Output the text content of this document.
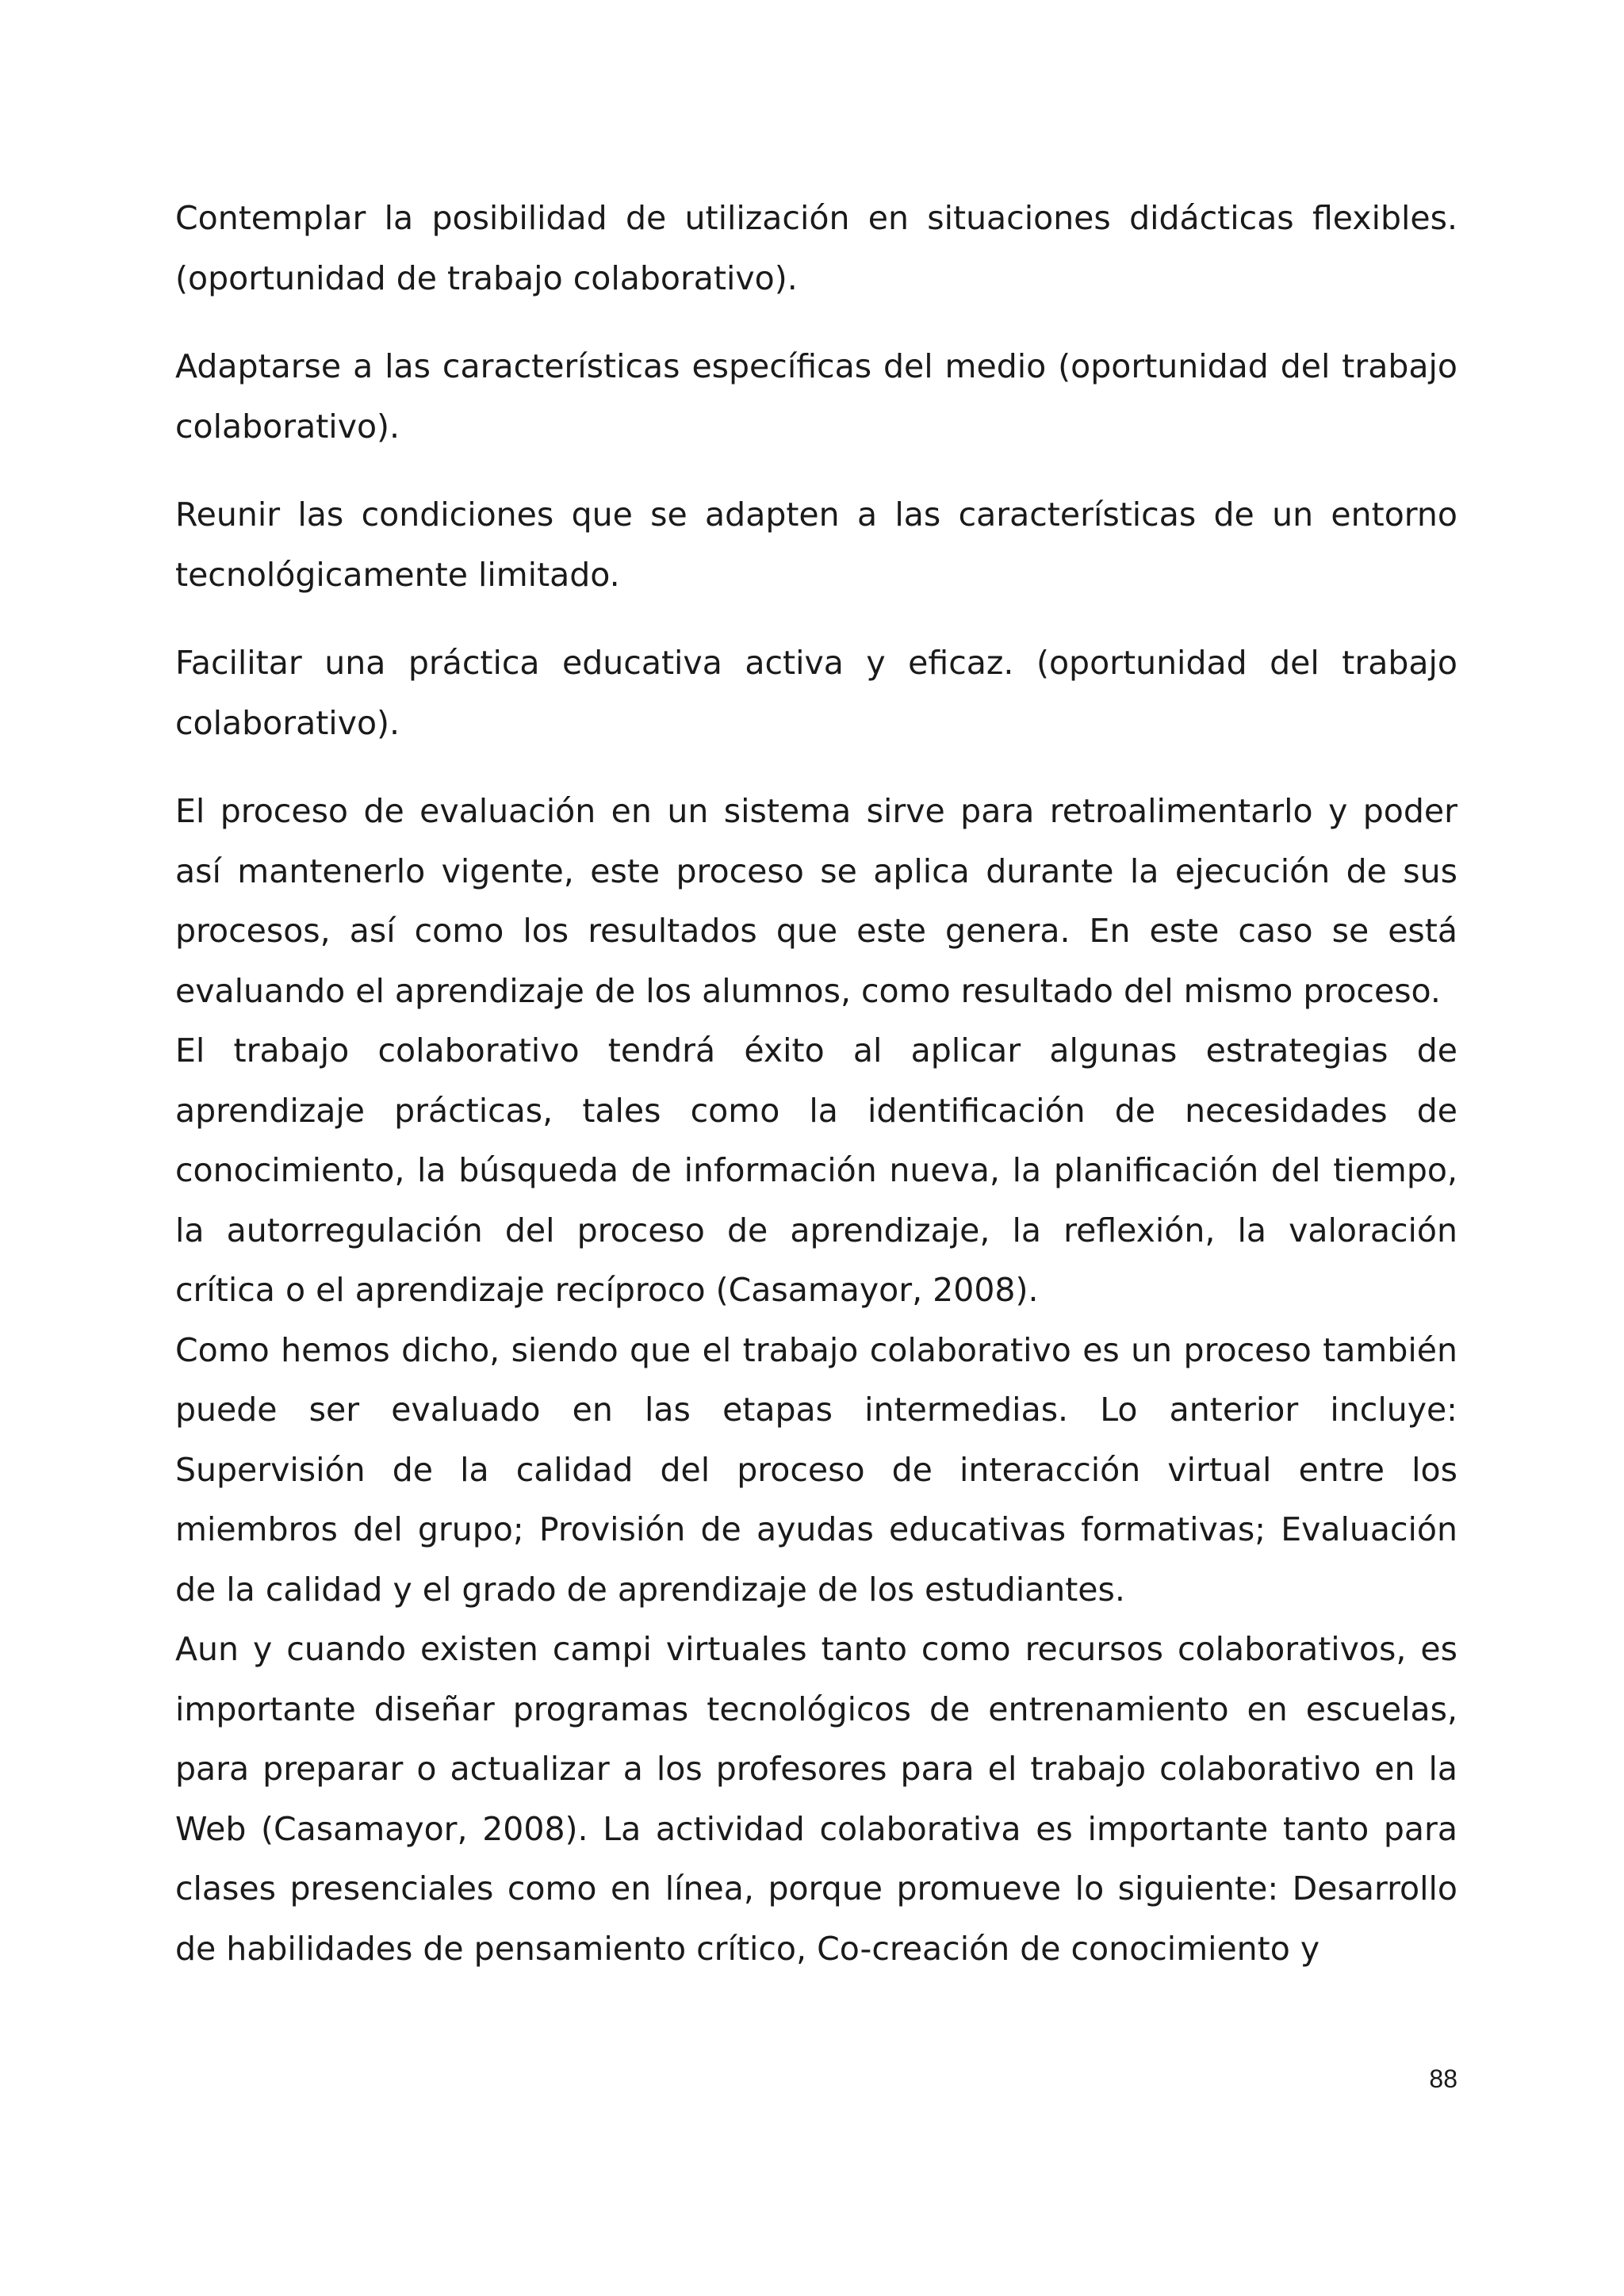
Contemplar la posibilidad de utilización en situaciones didácticas flexibles. (oportunidad de trabajo colaborativo).

Adaptarse a las características específicas del medio (oportunidad del trabajo colaborativo).

Reunir las condiciones que se adapten a las características de un entorno tecnológicamente limitado.

Facilitar una práctica educativa activa y eficaz. (oportunidad del trabajo colaborativo).

El proceso de evaluación en un sistema sirve para retroalimentarlo y poder así mantenerlo vigente, este proceso se aplica durante la ejecución de sus procesos, así como los resultados que este genera. En este caso se está evaluando el aprendizaje de los alumnos, como resultado del mismo proceso.

El trabajo colaborativo tendrá éxito al aplicar algunas estrategias de aprendizaje prácticas, tales como la identificación de necesidades de conocimiento, la búsqueda de información nueva, la planificación del tiempo, la autorregulación del proceso de aprendizaje, la reflexión, la valoración crítica o el aprendizaje recíproco (Casamayor, 2008).

Como hemos dicho, siendo que el trabajo colaborativo es un proceso también puede ser evaluado en las etapas intermedias. Lo anterior incluye: Supervisión de la calidad del proceso de interacción virtual entre los miembros del grupo; Provisión de ayudas educativas formativas; Evaluación de la calidad y el grado de aprendizaje de los estudiantes.

Aun y cuando existen campi virtuales tanto como recursos colaborativos, es importante diseñar programas tecnológicos de entrenamiento en escuelas, para preparar o actualizar a los profesores para el trabajo colaborativo en la Web (Casamayor, 2008). La actividad colaborativa es importante tanto para clases presenciales como en línea, porque promueve lo siguiente: Desarrollo de habilidades de pensamiento crítico, Co-creación de conocimiento y

88
